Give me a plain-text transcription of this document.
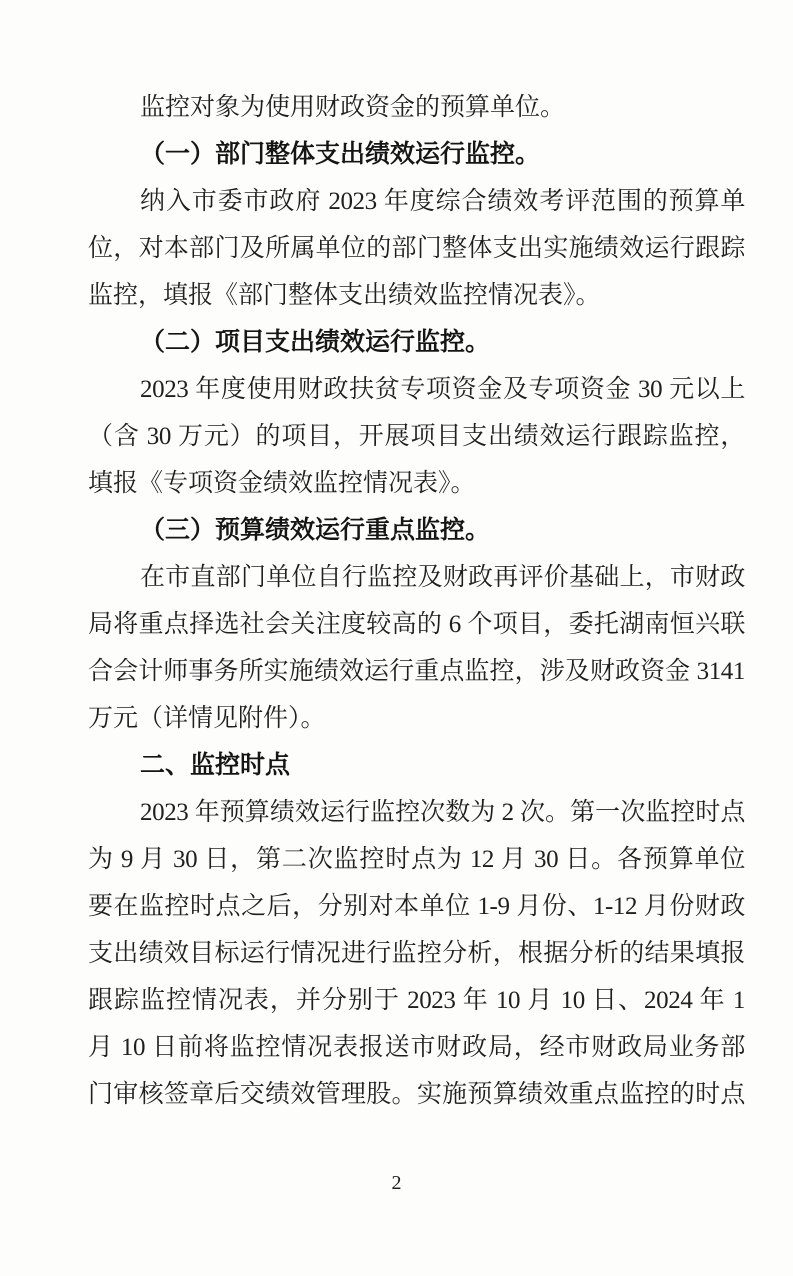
监控对象为使用财政资金的预算单位。
（一）部门整体支出绩效运行监控。
纳入市委市政府 2023 年度综合绩效考评范围的预算单
位，对本部门及所属单位的部门整体支出实施绩效运行跟踪
监控，填报《部门整体支出绩效监控情况表》。
（二）项目支出绩效运行监控。
2023 年度使用财政扶贫专项资金及专项资金 30 元以上
（含 30 万元）的项目，开展项目支出绩效运行跟踪监控，
填报《专项资金绩效监控情况表》。
（三）预算绩效运行重点监控。
在市直部门单位自行监控及财政再评价基础上，市财政
局将重点择选社会关注度较高的 6 个项目，委托湖南恒兴联
合会计师事务所实施绩效运行重点监控，涉及财政资金 3141
万元（详情见附件）。
二、监控时点
2023 年预算绩效运行监控次数为 2 次。第一次监控时点
为 9 月 30 日，第二次监控时点为 12 月 30 日。各预算单位
要在监控时点之后，分别对本单位 1-9 月份、1-12 月份财政
支出绩效目标运行情况进行监控分析，根据分析的结果填报
跟踪监控情况表，并分别于 2023 年 10 月 10 日、2024 年 1
月 10 日前将监控情况表报送市财政局，经市财政局业务部
门审核签章后交绩效管理股。实施预算绩效重点监控的时点
2
